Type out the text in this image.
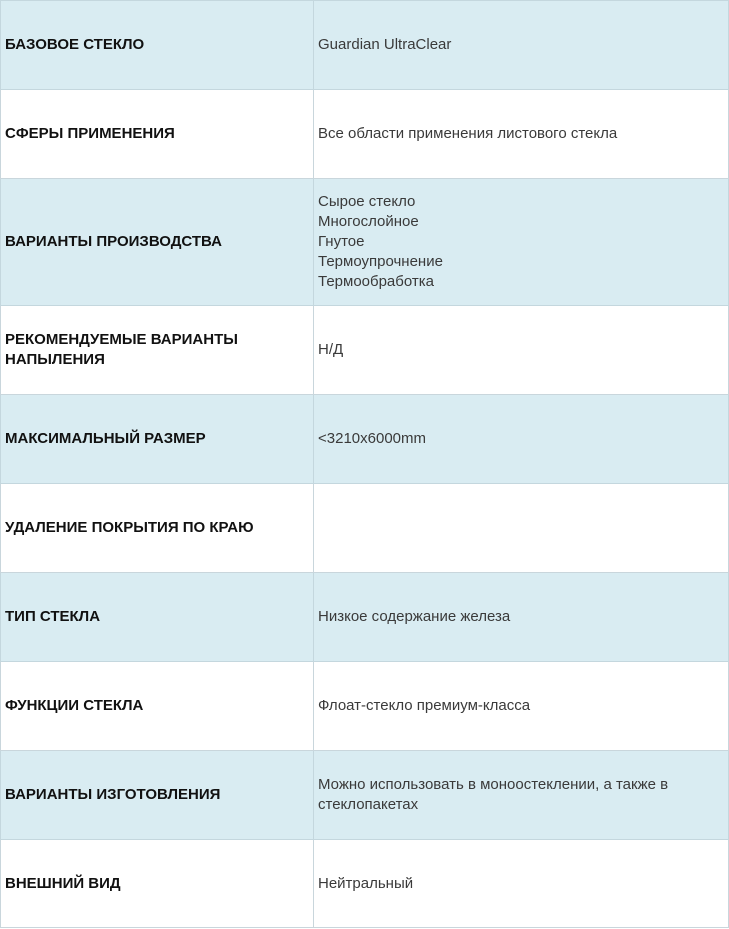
БАЗОВОЕ СТЕКЛО	Guardian UltraClear
СФЕРЫ ПРИМЕНЕНИЯ	Все области применения листового стекла
ВАРИАНТЫ ПРОИЗВОДСТВА	Сырое стекло
Многослойное
Гнутое
Термоупрочнение
Термообработка

РЕКОМЕНДУЕМЫЕ ВАРИАНТЫ НАПЫЛЕНИЯ	Н/Д
МАКСИМАЛЬНЫЙ РАЗМЕР	<3210x6000mm
УДАЛЕНИЕ ПОКРЫТИЯ ПО КРАЮ	
ТИП СТЕКЛА	Низкое содержание железа
ФУНКЦИИ СТЕКЛА	Флоат-стекло премиум-класса
ВАРИАНТЫ ИЗГОТОВЛЕНИЯ	Можно использовать в моноостеклении, а также в стеклопакетах
ВНЕШНИЙ ВИД	Нейтральный
